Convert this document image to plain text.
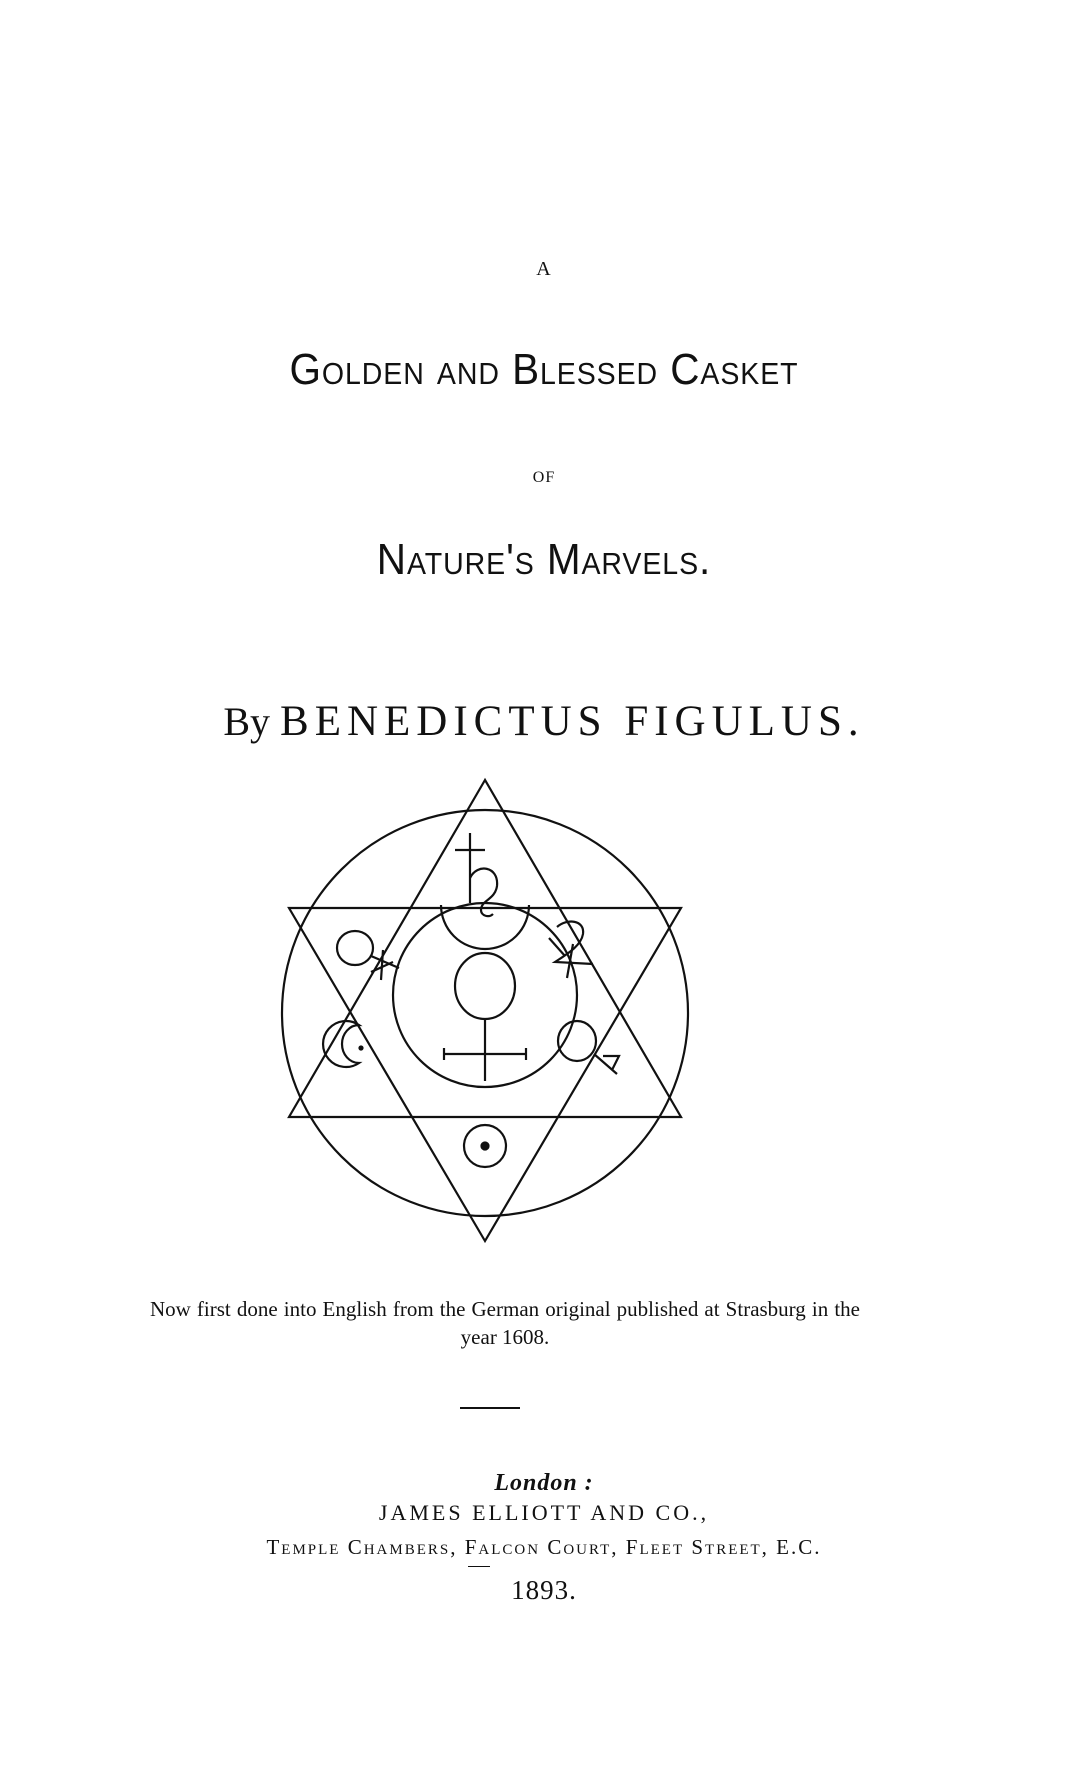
A
Golden and Blessed Casket
OF
Nature's Marvels.
By BENEDICTUS FIGULUS.
Now first done into English from the German original published at Strasburg in the year 1608.
London :
JAMES ELLIOTT AND CO.,
Temple Chambers, Falcon Court, Fleet Street, E.C.
1893.
